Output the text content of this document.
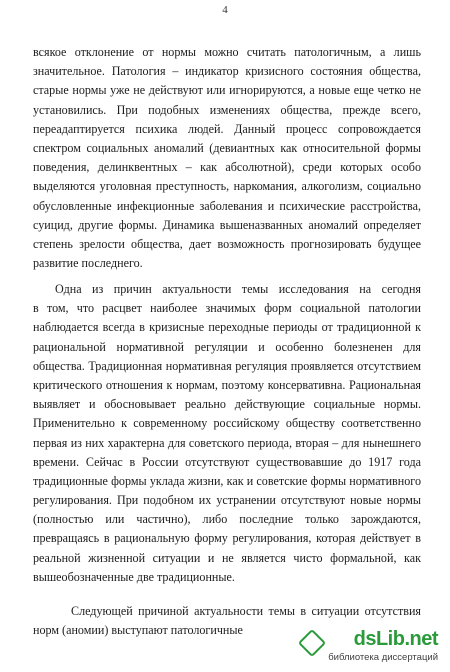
4
всякое отклонение от нормы можно считать патологичным, а лишь
значительное. Патология – индикатор кризисного состояния общества,
старые нормы уже не действуют или игнорируются, а новые еще четко не
установились. При подобных изменениях общества, прежде всего,
переадаптируется психика людей. Данный процесс сопровождается
спектром социальных аномалий (девиантных как относительной формы
поведения, делинквентных – как абсолютной), среди которых особо
выделяются уголовная преступность, наркомания, алкоголизм, социально
обусловленные инфекционные заболевания и психические расстройства,
суицид, другие формы. Динамика вышеназванных аномалий определяет
степень зрелости общества, дает возможность прогнозировать будущее
развитие последнего.
Одна из причин актуальности темы исследования на сегодня
в том, что расцвет наиболее значимых форм социальной патологии
наблюдается всегда в кризисные переходные периоды от традиционной к
рациональной нормативной регуляции и особенно болезненен для
общества. Традиционная нормативная регуляция проявляется отсутствием
критического отношения к нормам, поэтому консервативна. Рациональная
выявляет и обосновывает реально действующие социальные нормы.
Применительно к современному российскому обществу соответственно
первая из них характерна для советского периода, вторая – для нынешнего
времени. Сейчас в России отсутствуют существовавшие до 1917 года
традиционные формы уклада жизни, как и советские формы нормативного
регулирования. При подобном их устранении отсутствуют новые нормы
(полностью или частично), либо последние только зарождаются,
превращаясь в рациональную форму регулирования, которая действует в
реальной жизненной ситуации и не является чисто формальной, как
вышеобозначенные две традиционные.
Следующей причиной актуальности темы в ситуации отсутствия
норм (аномии) выступают патологичные	dsLib.net
библиотека диссертаций
